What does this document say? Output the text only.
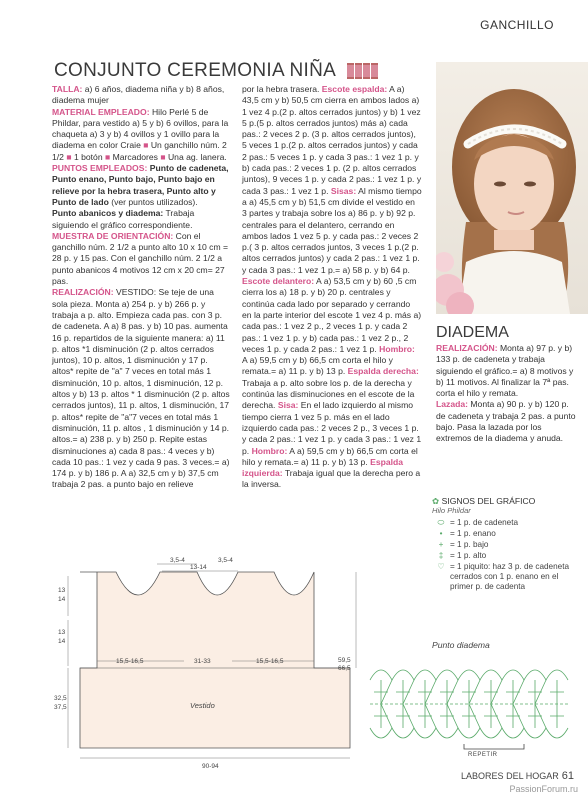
GANCHILLO
CONJUNTO CEREMONIA NIÑA

TALLA: a) 6 años, diadema niña y b) 8 años, diadema mujer

MATERIAL EMPLEADO: Hilo Perlé 5 de Phildar, para vestido a) 5 y b) 6 ovillos, para la chaqueta a) 3 y b) 4 ovillos y 1 ovillo para la diadema en color Craie ■ Un ganchillo núm. 2 1/2 ■ 1 botón ■ Marcadores ■ Una ag. lanera.

PUNTOS EMPLEADOS: Punto de cadeneta, Punto enano, Punto bajo, Punto bajo en relieve por la hebra trasera, Punto alto y Punto de lado (ver puntos utilizados).

Punto abanicos y diadema: Trabaja siguiendo el gráfico correspondiente.

MUESTRA DE ORIENTACIÓN: Con el ganchillo núm. 2 1/2 a punto alto 10 x 10 cm = 28 p. y 15 pas. Con el ganchillo núm. 2 1/2 a punto abanicos 4 motivos 12 cm x 20 cm= 27 pas.

REALIZACIÓN: VESTIDO: Se teje de una sola pieza. Monta a) 254 p. y b) 266 p. y trabaja a p. alto. Empieza cada pas. con 3 p. de cadeneta. A a) 8 pas. y b) 10 pas. aumenta 16 p. repartidos de la siguiente manera: a) 11 p. altos *1 disminución (2 p. altos cerrados juntos), 10 p. altos, 1 disminución y 17 p. altos* repite de "a" 7 veces en total más 1 disminución, 10 p. altos, 1 disminución, 12 p. altos y b) 13 p. altos * 1 disminución (2 p. altos cerrados juntos), 11 p. altos, 1 disminución, 17 p. altos* repite de "a"7 veces en total más 1 disminución, 11 p. altos , 1 disminución y 14 p. altos.= a) 238 p. y b) 250 p. Repite estas disminuciones a) cada 8 pas.: 4 veces y b) cada 10 pas.: 1 vez y cada 9 pas. 3 veces.= a) 174 p. y b) 186 p. A a) 32,5 cm y b) 37,5 cm trabaja 2 pas. a punto bajo en relieve

por la hebra trasera. Escote espalda: A a) 43,5 cm y b) 50,5 cm cierra en ambos lados a) 1 vez 4 p.(2 p. altos cerrados juntos) y b) 1 vez 5 p.(5 p. altos cerrados juntos) más a) cada pas.: 2 veces 2 p. (3 p. altos cerrados juntos), 5 veces 1 p.(2 p. altos cerrados juntos) y cada 2 pas.: 5 veces 1 p. y cada 3 pas.: 1 vez 1 p. y b) cada pas.: 2 veces 1 p. (2 p. altos cerrados juntos), 9 veces 1 p. y cada 2 pas.: 1 vez 1 p. y cada 3 pas.: 1 vez 1 p. Sisas: Al mismo tiempo a a) 45,5 cm y b) 51,5 cm divide el vestido en 3 partes y trabaja sobre los a) 86 p. y b) 92 p. centrales para el delantero, cerrando en ambos lados 1 vez 5 p. y cada pas.: 2 veces 2 p.( 3 p. altos cerrados juntos, 3 veces 1 p.(2 p. altos cerrados juntos) y cada 2 pas.: 1 vez 1 p. y cada 3 pas.: 1 vez 1 p.= a) 58 p. y b) 64 p. Escote delantero: A a) 53,5 cm y b) 60 ,5 cm cierra los a) 18 p. y b) 20 p. centrales y continúa cada lado por separado y cerrando en la parte interior del escote 1 vez 4 p. más a) cada pas.: 1 vez 2 p., 2 veces 1 p. y cada 2 pas.: 1 vez 1 p. y b) cada pas.: 1 vez 2 p., 2 veces 1 p. y cada 2 pas.: 1 vez 1 p. Hombro: A a) 59,5 cm y b) 66,5 cm corta el hilo y remata.= a) 11 p. y b) 13 p. Espalda derecha: Trabaja a p. alto sobre los p. de la derecha y continúa las disminuciones en el escote de la derecha. Sisa: En el lado izquierdo al mismo tiempo cierra 1 vez 5 p. más en el lado izquierdo cada pas.: 2 veces 2 p., 3 veces 1 p. y cada 2 pas.: 1 vez 1 p. y cada 3 pas.: 1 vez 1 p. Hombro: A a) 59,5 cm y b) 66,5 cm corta el hilo y remata.= a) 11 p. y b) 13 p. Espalda izquierda: Trabaja igual que la derecha pero a la inversa.

DIADEMA

REALIZACIÓN: Monta a) 97 p. y b) 133 p. de cadeneta y trabaja siguiendo el gráfico.= a) 8 motivos y b) 11 motivos. Al finalizar la 7ª pas. corta el hilo y remata.

Lazada: Monta a) 90 p. y b) 120 p. de cadeneta y trabaja 2 pas. a punto bajo. Pasa la lazada por los extremos de la diadema y anuda.

✿ SIGNOS DEL GRÁFICO
Hilo Phildar
⬭ = 1 p. de cadeneta
• = 1 p. enano
+ = 1 p. bajo
‡ = 1 p. alto
♡ = 1 piquito: haz 3 p. de cadeneta cerrados con 1 p. enano en el primer p. de cadenta
3,5-4
13-14
3,5-4
13
14
13
14
15,5-16,5	31-33	15,5-16,5	59,5
66,5
32,5
37,5	Vestido
90-94
Punto diadema
REPETIR
LABORES DEL HOGAR 61
PassionForum.ru
